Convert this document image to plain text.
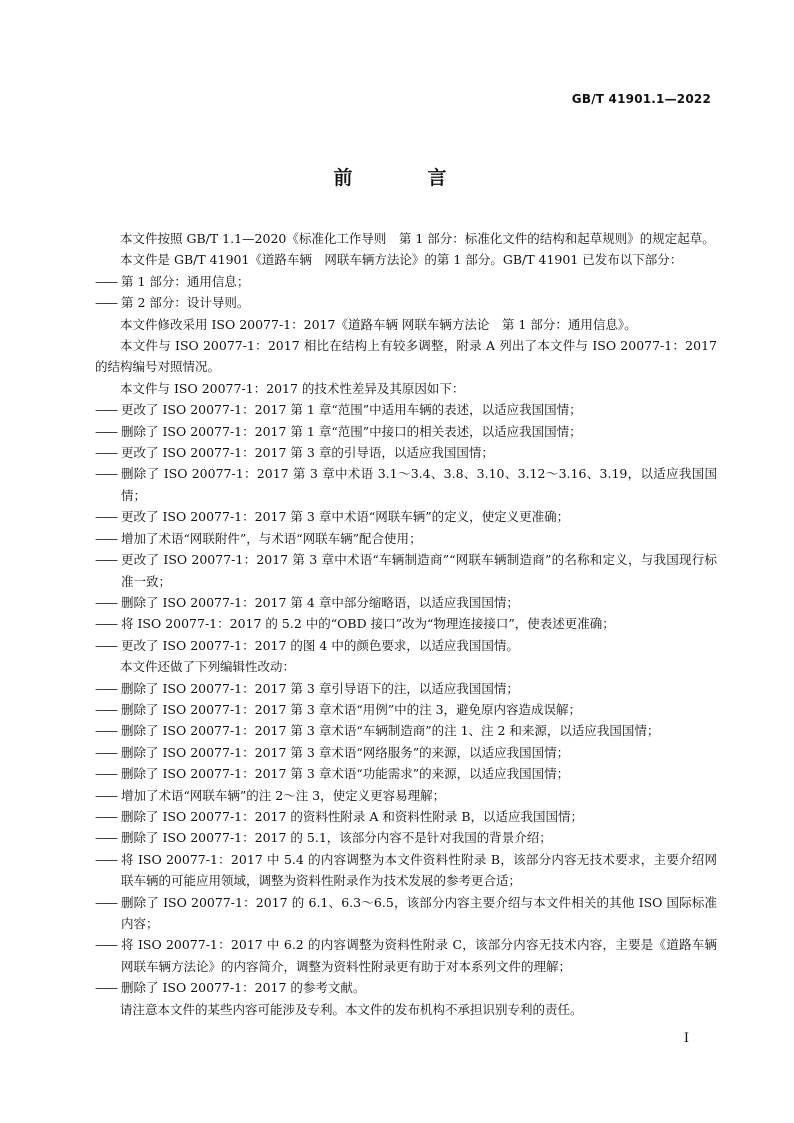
GB/T 41901.1—2022
前　言

本文件按照 GB/T 1.1—2020《标准化工作导则　第 1 部分：标准化文件的结构和起草规则》的规定起草。

本文件是 GB/T 41901《道路车辆　网联车辆方法论》的第 1 部分。GB/T 41901 已发布以下部分：

—— 第 1 部分：通用信息；
—— 第 2 部分：设计导则。

本文件修改采用 ISO 20077-1：2017《道路车辆 网联车辆方法论　第 1 部分：通用信息》。

本文件与 ISO 20077-1：2017 相比在结构上有较多调整，附录 A 列出了本文件与 ISO 20077-1：2017 的结构编号对照情况。

本文件与 ISO 20077-1：2017 的技术性差异及其原因如下：

—— 更改了 ISO 20077-1：2017 第 1 章“范围”中适用车辆的表述，以适应我国国情；
—— 删除了 ISO 20077-1：2017 第 1 章“范围”中接口的相关表述，以适应我国国情；
—— 更改了 ISO 20077-1：2017 第 3 章的引导语，以适应我国国情；
—— 删除了 ISO 20077-1：2017 第 3 章中术语 3.1～3.4、3.8、3.10、3.12～3.16、3.19，以适应我国国情；
—— 更改了 ISO 20077-1：2017 第 3 章中术语“网联车辆”的定义，使定义更准确；
—— 增加了术语“网联附件”，与术语“网联车辆”配合使用；
—— 更改了 ISO 20077-1：2017 第 3 章中术语“车辆制造商”“网联车辆制造商”的名称和定义，与我国现行标准一致；
—— 删除了 ISO 20077-1：2017 第 4 章中部分缩略语，以适应我国国情；
—— 将 ISO 20077-1：2017 的 5.2 中的“OBD 接口”改为“物理连接接口”，使表述更准确；
—— 更改了 ISO 20077-1：2017 的图 4 中的颜色要求，以适应我国国情。

本文件还做了下列编辑性改动：

—— 删除了 ISO 20077-1：2017 第 3 章引导语下的注，以适应我国国情；
—— 删除了 ISO 20077-1：2017 第 3 章术语“用例”中的注 3，避免原内容造成误解；
—— 删除了 ISO 20077-1：2017 第 3 章术语“车辆制造商”的注 1、注 2 和来源，以适应我国国情；
—— 删除了 ISO 20077-1：2017 第 3 章术语“网络服务”的来源，以适应我国国情；
—— 删除了 ISO 20077-1：2017 第 3 章术语“功能需求”的来源，以适应我国国情；
—— 增加了术语“网联车辆”的注 2～注 3，使定义更容易理解；
—— 删除了 ISO 20077-1：2017 的资料性附录 A 和资料性附录 B，以适应我国国情；
—— 删除了 ISO 20077-1：2017 的 5.1，该部分内容不是针对我国的背景介绍；
—— 将 ISO 20077-1：2017 中 5.4 的内容调整为本文件资料性附录 B，该部分内容无技术要求，主要介绍网联车辆的可能应用领域，调整为资料性附录作为技术发展的参考更合适；
—— 删除了 ISO 20077-1：2017 的 6.1、6.3～6.5，该部分内容主要介绍与本文件相关的其他 ISO 国际标准内容；
—— 将 ISO 20077-1：2017 中 6.2 的内容调整为资料性附录 C，该部分内容无技术内容，主要是《道路车辆 网联车辆方法论》的内容简介，调整为资料性附录更有助于对本系列文件的理解；
—— 删除了 ISO 20077-1：2017 的参考文献。

请注意本文件的某些内容可能涉及专利。本文件的发布机构不承担识别专利的责任。

I
